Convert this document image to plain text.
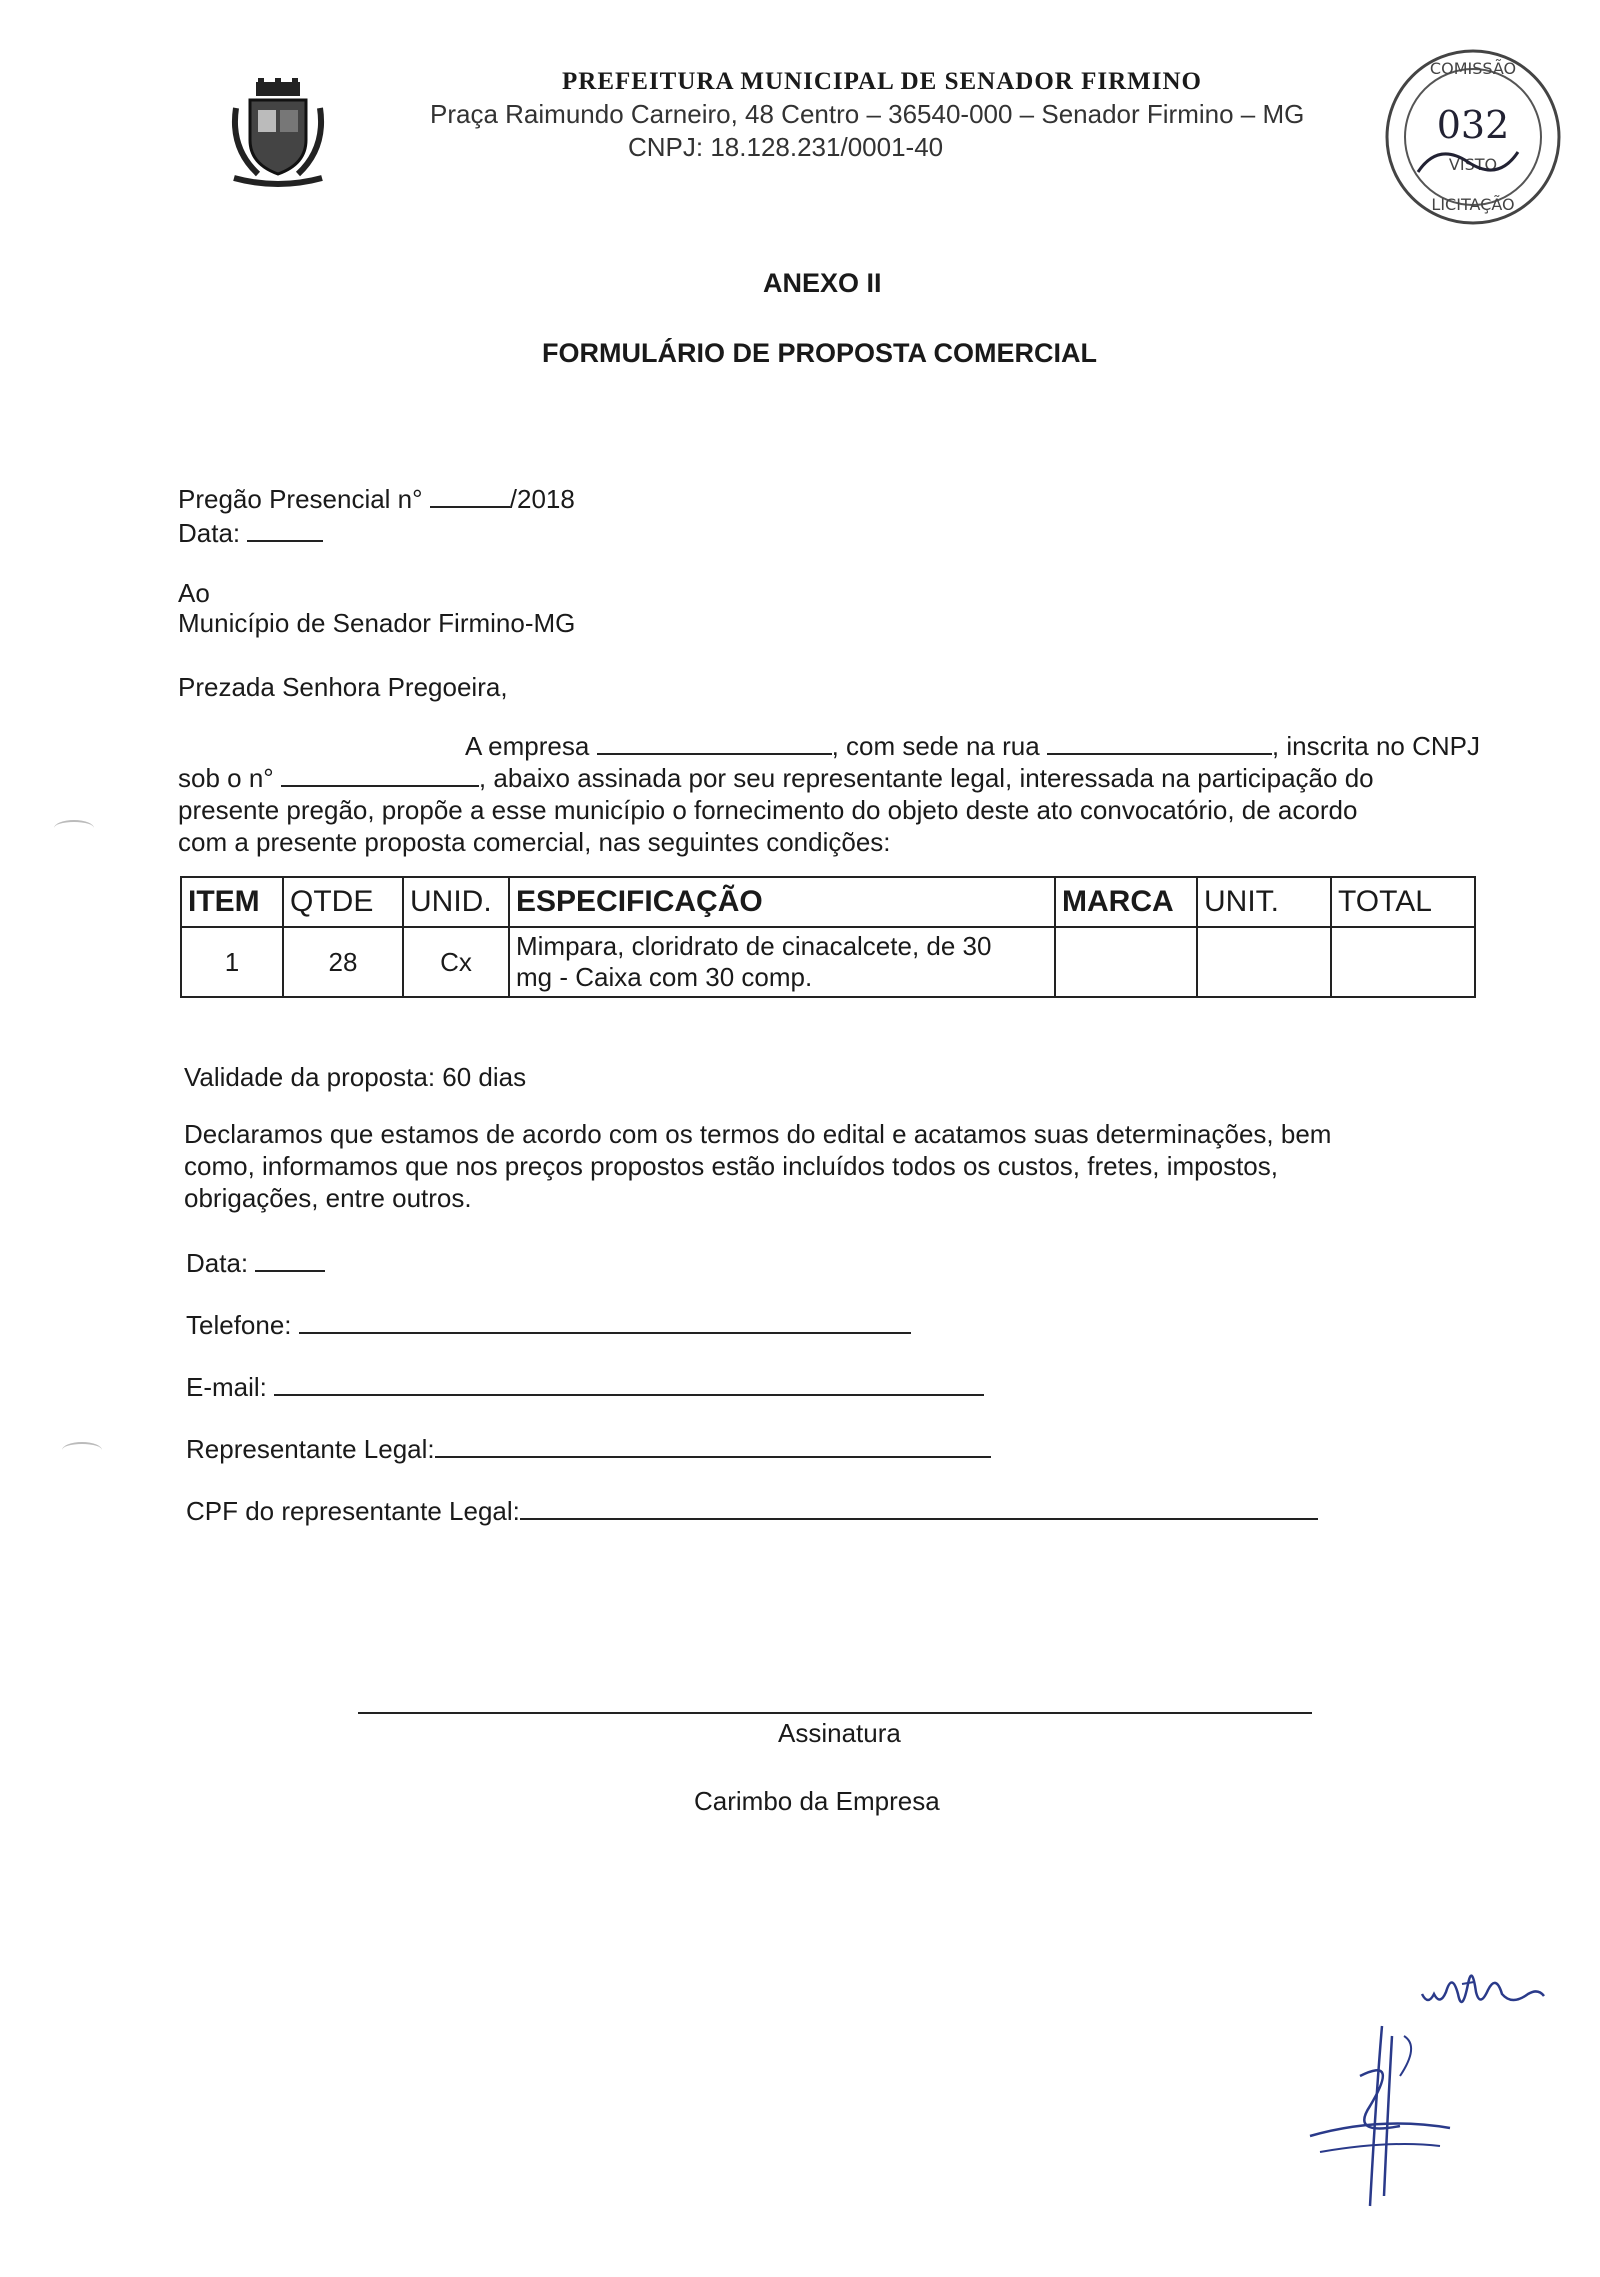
PREFEITURA MUNICIPAL DE SENADOR FIRMINO
Praça Raimundo Carneiro, 48 Centro – 36540-000 – Senador Firmino – MG
CNPJ: 18.128.231/0001-40
COMISSÃO
032
VISTO
LICITAÇÃO
ANEXO II
FORMULÁRIO DE PROPOSTA COMERCIAL
Pregão Presencial n°	/2018
Data:
Ao
Município de Senador Firmino-MG
Prezada Senhora Pregoeira,
A empresa	, com sede na rua	, inscrita no CNPJ
sob o n°	, abaixo assinada por seu representante legal, interessada na participação do
presente pregão, propõe a esse município o fornecimento do objeto deste ato convocatório, de acordo
com a presente proposta comercial, nas seguintes condições:
ITEM	QTDE	UNID.	ESPECIFICAÇÃO	MARCA	UNIT.	TOTAL
1	28	Cx	Mimpara, cloridrato de cinacalcete, de 30
mg - Caixa com 30 comp.			

Validade da proposta: 60 dias
Declaramos que estamos de acordo com os termos do edital e acatamos suas determinações, bem
como, informamos que nos preços propostos estão incluídos todos os custos, fretes, impostos,
obrigações, entre outros.
Data:
Telefone:
E-mail:
Representante Legal:
CPF do representante Legal:
Assinatura
Carimbo da Empresa
